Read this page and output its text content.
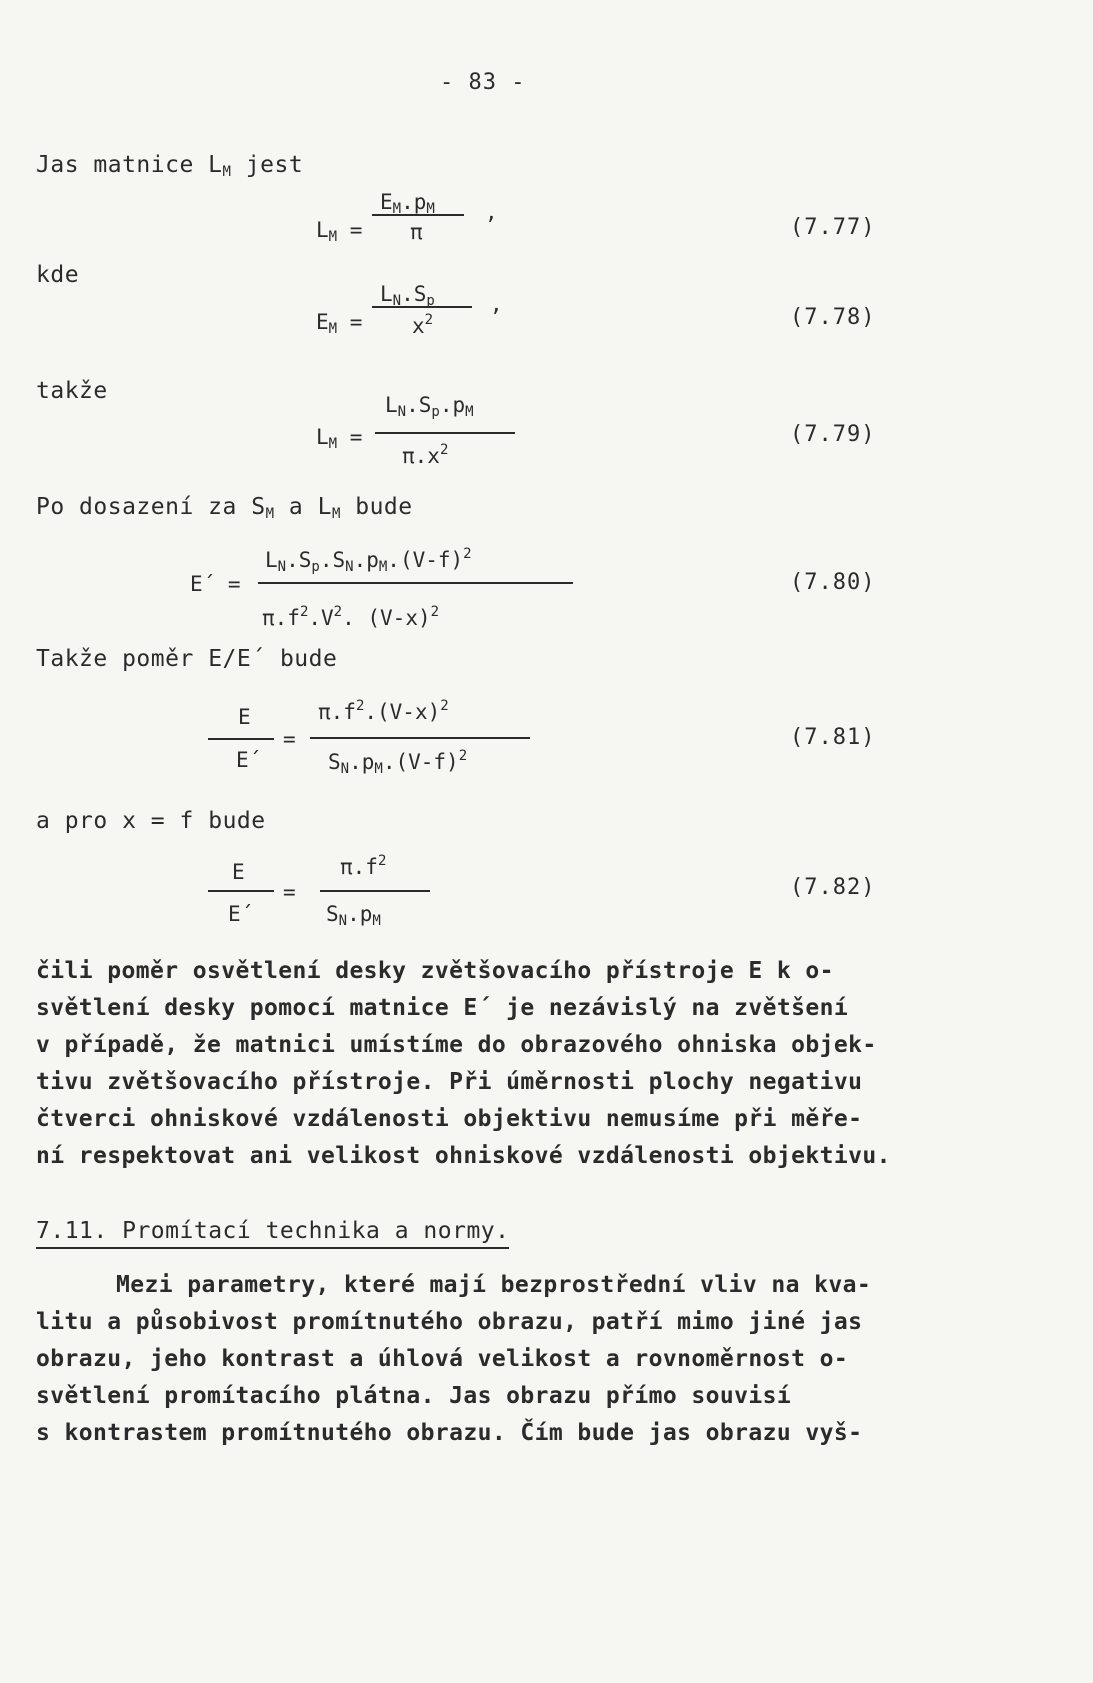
- 83 -
Jas matnice $L_M$ jest
$L_M$ =
$E_M.p_M$
π
,
(7.77)
kde
$E_M$ =
$L_N.S_p$
$x^2$
,
(7.78)
takže
$L_M$ =
$L_N.S_p.p_M$
$\pi.x^2$
(7.79)
Po dosazení za $S_M$ a $L_M$ bude
E´ =
$L_N.S_p.S_N.p_M.(V-f)^2$
$\pi.f^2.V^2$. $(V-x)^2$
(7.80)
Takže poměr E/E´ bude
E
E´
=
$\pi.f^2.(V-x)^2$
$S_N.p_M.(V-f)^2$
(7.81)
a pro x = f bude
E
E´
=
$\pi.f^2$
$S_N.p_M$
(7.82)

čili poměr osvětlení desky zvětšovacího přístroje E k o-

světlení desky pomocí matnice E´ je nezávislý na zvětšení

v případě, že matnici umístíme do obrazového ohniska objek-

tivu zvětšovacího přístroje. Při úměrnosti plochy negativu

čtverci ohniskové vzdálenosti objektivu nemusíme při měře-

ní respektovat ani velikost ohniskové vzdálenosti objektivu.

7.11. Promítací technika a normy.

Mezi parametry, které mají bezprostřední vliv na kva-

litu a působivost promítnutého obrazu, patří mimo jiné jas

obrazu, jeho kontrast a úhlová velikost a rovnoměrnost o-

světlení promítacího plátna. Jas obrazu přímo souvisí

s kontrastem promítnutého obrazu. Čím bude jas obrazu vyš-
